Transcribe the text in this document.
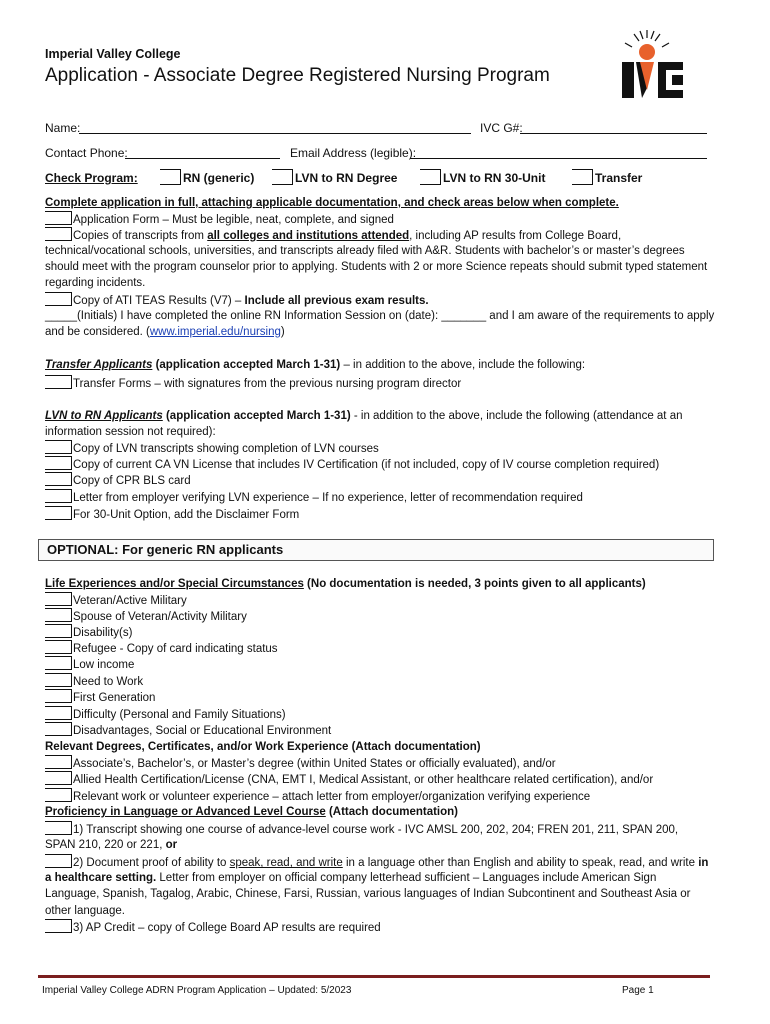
Imperial Valley College
Application - Associate Degree Registered Nursing Program
Name:	IVC G#:
Contact Phone:	Email Address (legible):
Check Program:	RN (generic)	LVN to RN Degree	LVN to RN 30-Unit	Transfer
Complete application in full, attaching applicable documentation, and check areas below when complete.
Application Form – Must be legible, neat, complete, and signed
Copies of transcripts from all colleges and institutions attended, including AP results from College Board,
technical/vocational schools, universities, and transcripts already filed with A&R. Students with bachelor’s or master’s degrees
should meet with the program counselor prior to applying. Students with 2 or more Science repeats should submit typed statement
regarding incidents.
Copy of ATI TEAS Results (V7) – Include all previous exam results.
_____(Initials) I have completed the online RN Information Session on (date): _______ and I am aware of the requirements to apply
and be considered. (www.imperial.edu/nursing)
Transfer Applicants (application accepted March 1-31) – in addition to the above, include the following:
Transfer Forms – with signatures from the previous nursing program director
LVN to RN Applicants (application accepted March 1-31) - in addition to the above, include the following (attendance at an
information session not required):
Copy of LVN transcripts showing completion of LVN courses
Copy of current CA VN License that includes IV Certification (if not included, copy of IV course completion required)
Copy of CPR BLS card
Letter from employer verifying LVN experience – If no experience, letter of recommendation required
For 30-Unit Option, add the Disclaimer Form
OPTIONAL: For generic RN applicants
Life Experiences and/or Special Circumstances (No documentation is needed, 3 points given to all applicants)
Veteran/Active Military
Spouse of Veteran/Activity Military
Disability(s)
Refugee - Copy of card indicating status
Low income
Need to Work
First Generation
Difficulty (Personal and Family Situations)
Disadvantages, Social or Educational Environment
Relevant Degrees, Certificates, and/or Work Experience (Attach documentation)
Associate’s, Bachelor’s, or Master’s degree (within United States or officially evaluated), and/or
Allied Health Certification/License (CNA, EMT I, Medical Assistant, or other healthcare related certification), and/or
Relevant work or volunteer experience – attach letter from employer/organization verifying experience
Proficiency in Language or Advanced Level Course (Attach documentation)
1) Transcript showing one course of advance-level course work - IVC AMSL 200, 202, 204; FREN 201, 211, SPAN 200,
SPAN 210, 220 or 221, or
2) Document proof of ability to speak, read, and write in a language other than English and ability to speak, read, and write in
a healthcare setting. Letter from employer on official company letterhead sufficient – Languages include American Sign
Language, Spanish, Tagalog, Arabic, Chinese, Farsi, Russian, various languages of Indian Subcontinent and Southeast Asia or
other language.
3) AP Credit – copy of College Board AP results are required
Imperial Valley College ADRN Program Application – Updated: 5/2023	Page 1
